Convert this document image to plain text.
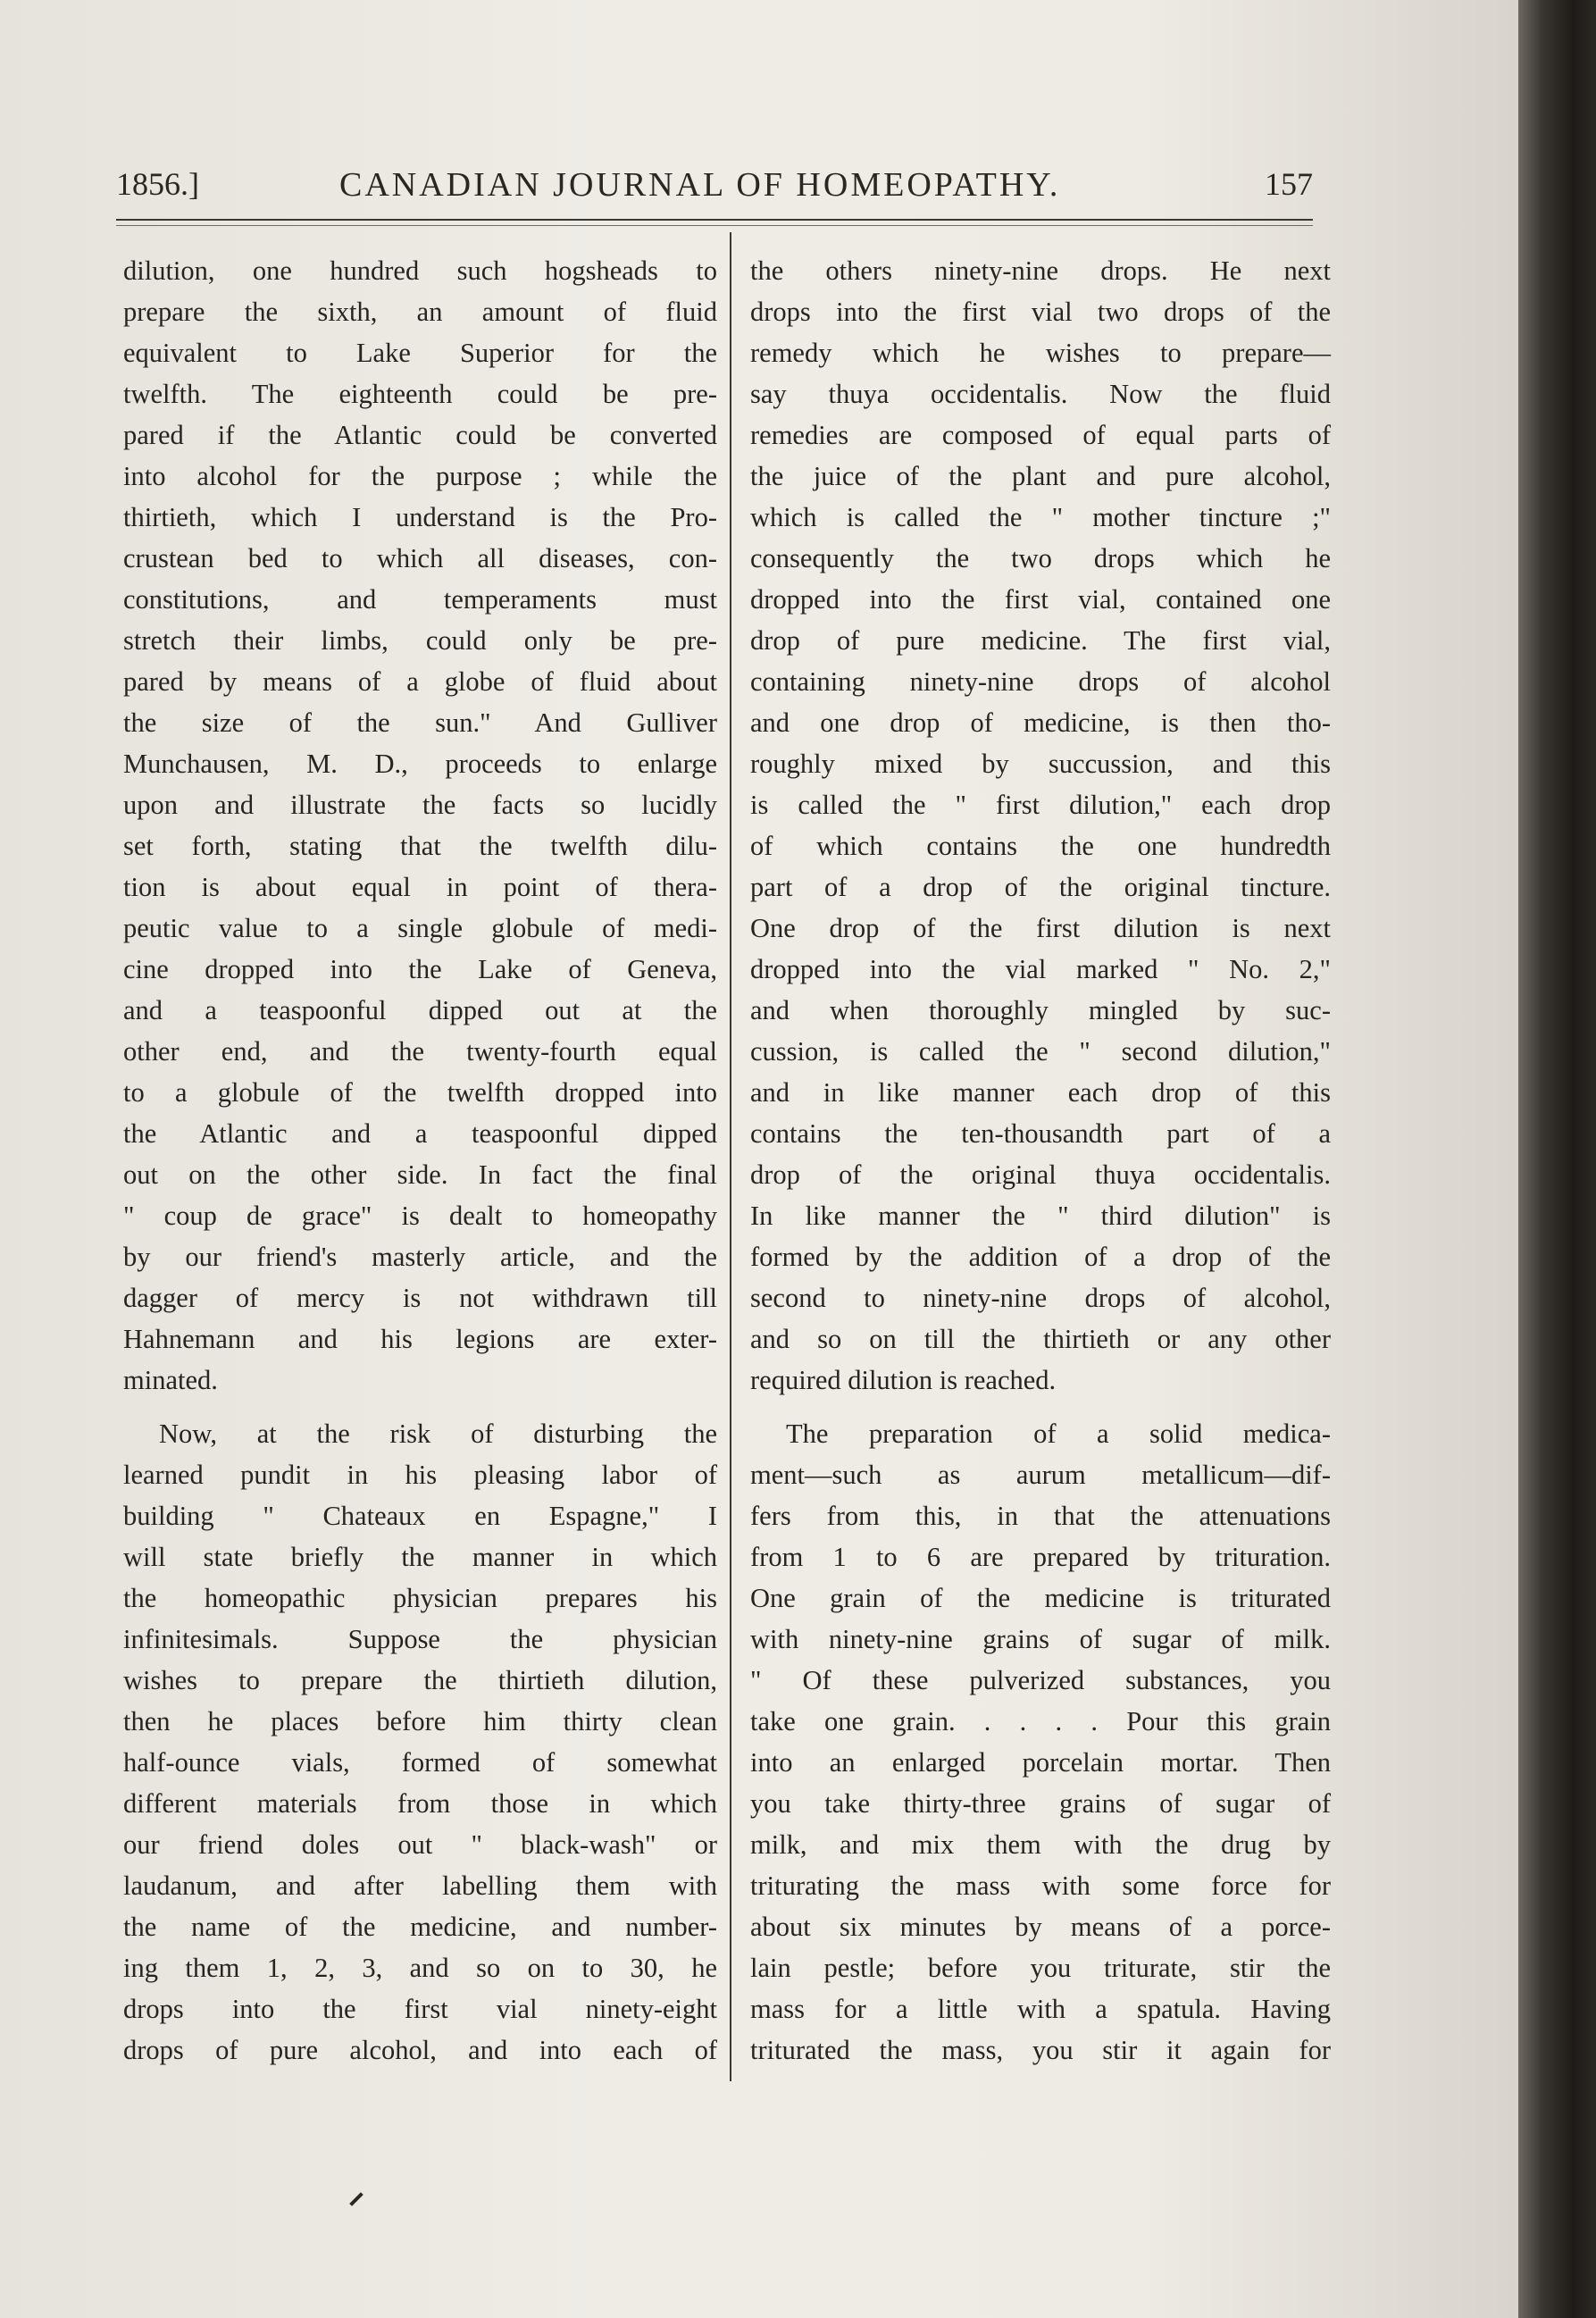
1856.]	CANADIAN JOURNAL OF HOMEOPATHY.	157

dilution, one hundred such hogsheads to

prepare the sixth, an amount of fluid

equivalent to Lake Superior for the

twelfth. The eighteenth could be pre-

pared if the Atlantic could be converted

into alcohol for the purpose ; while the

thirtieth, which I understand is the Pro-

crustean bed to which all diseases, con-

constitutions, and temperaments must

stretch their limbs, could only be pre-

pared by means of a globe of fluid about

the size of the sun." And Gulliver

Munchausen, M. D., proceeds to enlarge

upon and illustrate the facts so lucidly

set forth, stating that the twelfth dilu-

tion is about equal in point of thera-

peutic value to a single globule of medi-

cine dropped into the Lake of Geneva,

and a teaspoonful dipped out at the

other end, and the twenty-fourth equal

to a globule of the twelfth dropped into

the Atlantic and a teaspoonful dipped

out on the other side. In fact the final

" coup de grace" is dealt to homeopathy

by our friend's masterly article, and the

dagger of mercy is not withdrawn till

Hahnemann and his legions are exter-

minated.

Now, at the risk of disturbing the

learned pundit in his pleasing labor of

building " Chateaux en Espagne," I

will state briefly the manner in which

the homeopathic physician prepares his

infinitesimals. Suppose the physician

wishes to prepare the thirtieth dilution,

then he places before him thirty clean

half-ounce vials, formed of somewhat

different materials from those in which

our friend doles out " black-wash" or

laudanum, and after labelling them with

the name of the medicine, and number-

ing them 1, 2, 3, and so on to 30, he

drops into the first vial ninety-eight

drops of pure alcohol, and into each of

the others ninety-nine drops. He next

drops into the first vial two drops of the

remedy which he wishes to prepare—

say thuya occidentalis. Now the fluid

remedies are composed of equal parts of

the juice of the plant and pure alcohol,

which is called the " mother tincture ;"

consequently the two drops which he

dropped into the first vial, contained one

drop of pure medicine. The first vial,

containing ninety-nine drops of alcohol

and one drop of medicine, is then tho-

roughly mixed by succussion, and this

is called the " first dilution," each drop

of which contains the one hundredth

part of a drop of the original tincture.

One drop of the first dilution is next

dropped into the vial marked " No. 2,"

and when thoroughly mingled by suc-

cussion, is called the " second dilution,"

and in like manner each drop of this

contains the ten-thousandth part of a

drop of the original thuya occidentalis.

In like manner the " third dilution" is

formed by the addition of a drop of the

second to ninety-nine drops of alcohol,

and so on till the thirtieth or any other

required dilution is reached.

The preparation of a solid medica-

ment—such as aurum metallicum—dif-

fers from this, in that the attenuations

from 1 to 6 are prepared by trituration.

One grain of the medicine is triturated

with ninety-nine grains of sugar of milk.

" Of these pulverized substances, you

take one grain. . . . . Pour this grain

into an enlarged porcelain mortar. Then

you take thirty-three grains of sugar of

milk, and mix them with the drug by

triturating the mass with some force for

about six minutes by means of a porce-

lain pestle; before you triturate, stir the

mass for a little with a spatula. Having

triturated the mass, you stir it again for
